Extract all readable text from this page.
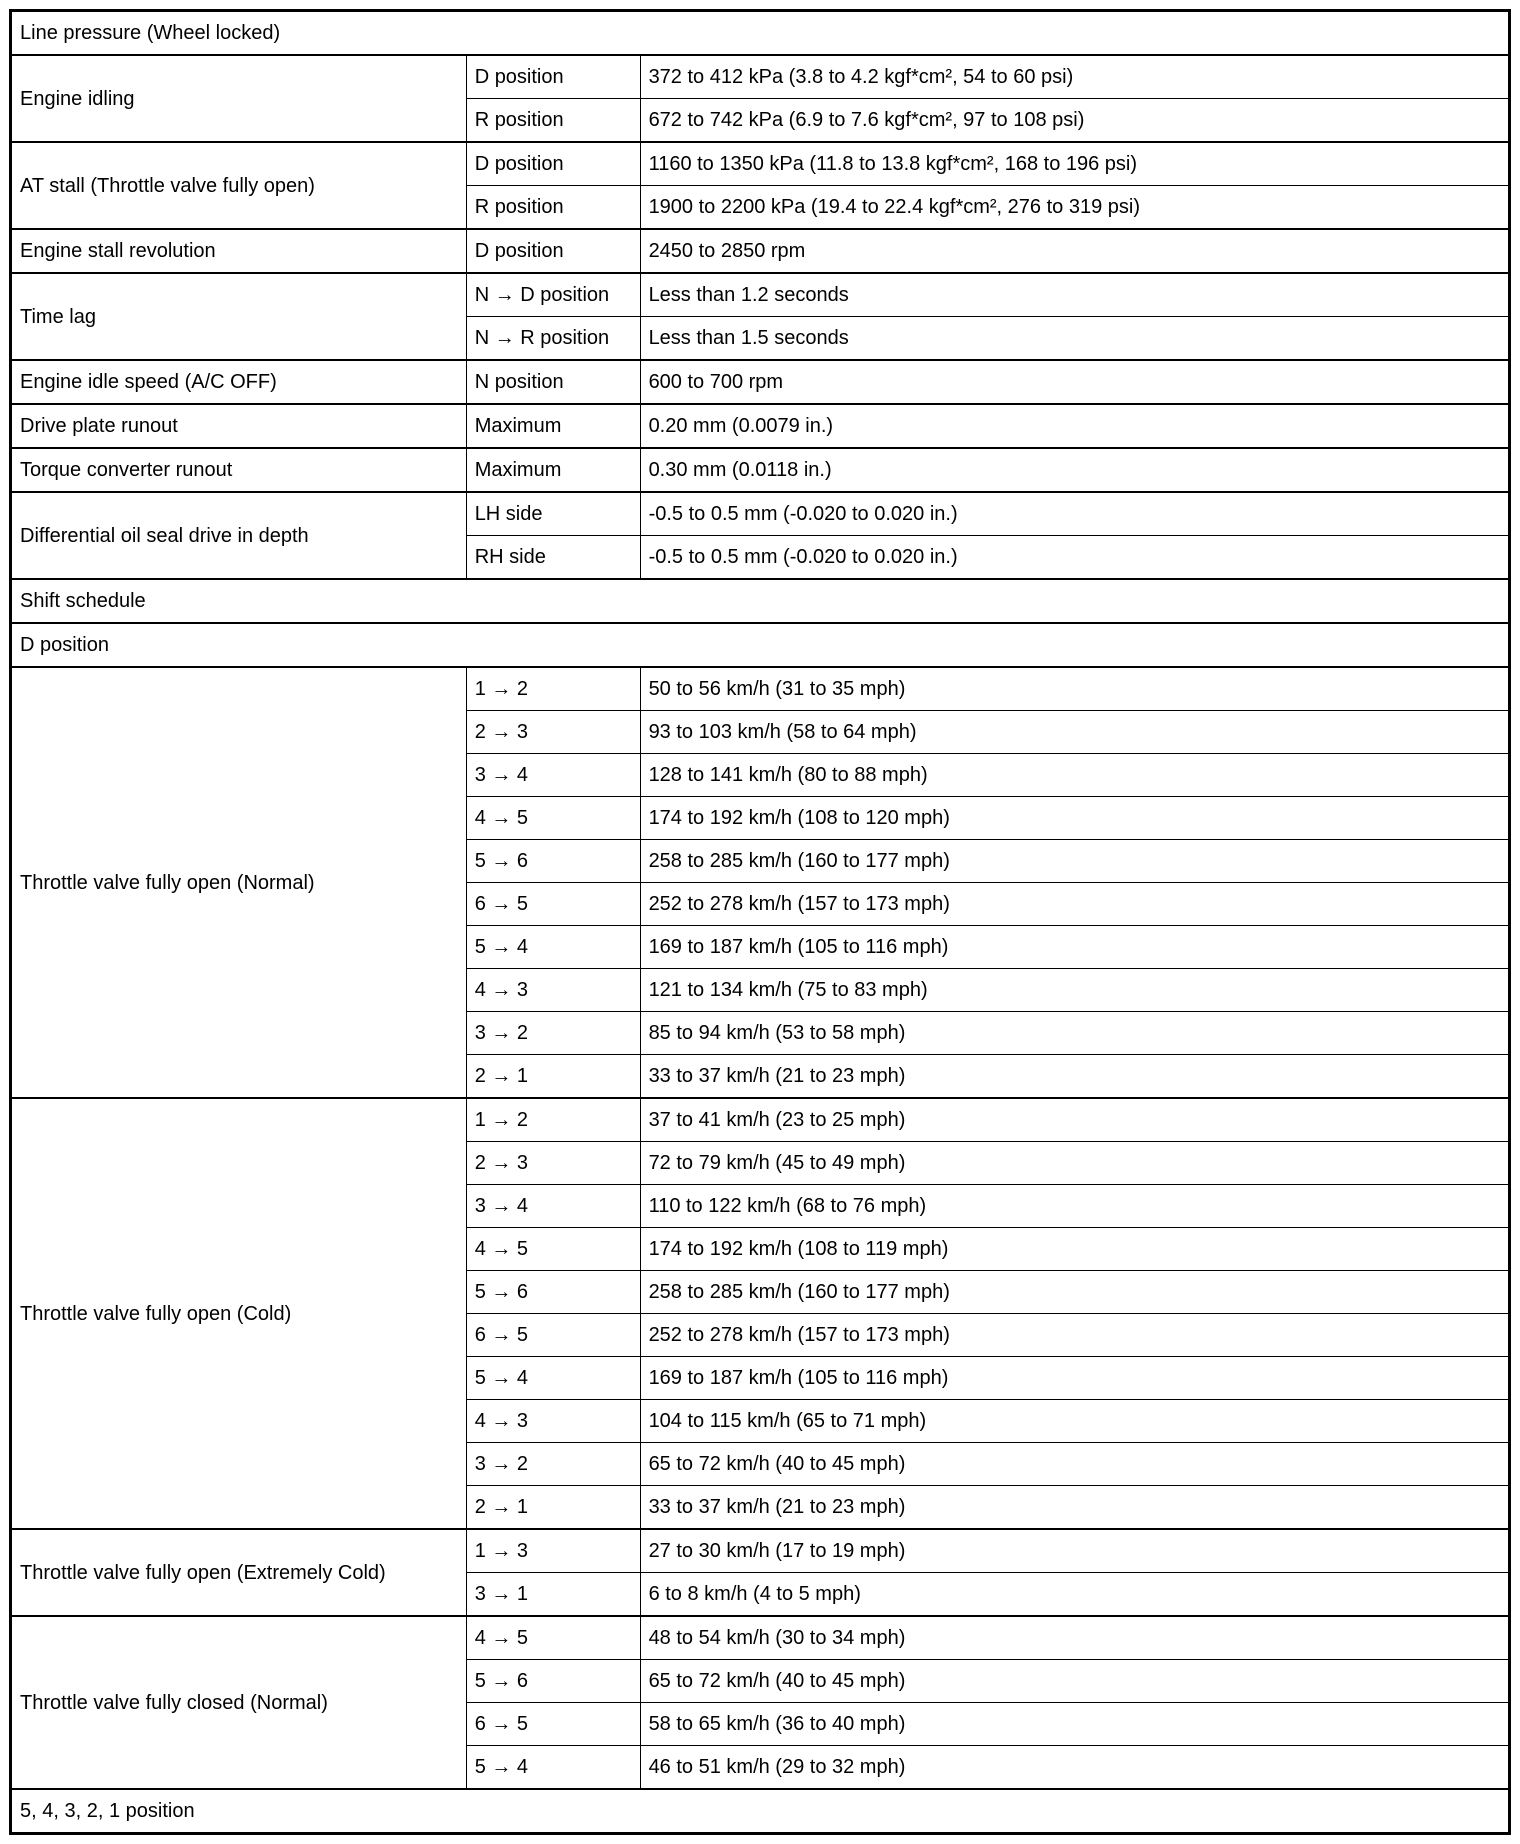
Line pressure (Wheel locked)		
Engine idling	D position	372 to 412 kPa (3.8 to 4.2 kgf*cm², 54 to 60 psi)
	R position	672 to 742 kPa (6.9 to 7.6 kgf*cm², 97 to 108 psi)
AT stall (Throttle valve fully open)	D position	1160 to 1350 kPa (11.8 to 13.8 kgf*cm², 168 to 196 psi)
	R position	1900 to 2200 kPa (19.4 to 22.4 kgf*cm², 276 to 319 psi)
Engine stall revolution	D position	2450 to 2850 rpm
Time lag	N → D position	Less than 1.2 seconds
	N → R position	Less than 1.5 seconds
Engine idle speed (A/C OFF)	N position	600 to 700 rpm
Drive plate runout	Maximum	0.20 mm (0.0079 in.)
Torque converter runout	Maximum	0.30 mm (0.0118 in.)
Differential oil seal drive in depth	LH side	-0.5 to 0.5 mm (-0.020 to 0.020 in.)
	RH side	-0.5 to 0.5 mm (-0.020 to 0.020 in.)
Shift schedule		
D position		
Throttle valve fully open (Normal)	1 → 2	50 to 56 km/h (31 to 35 mph)
	2 → 3	93 to 103 km/h (58 to 64 mph)
	3 → 4	128 to 141 km/h (80 to 88 mph)
	4 → 5	174 to 192 km/h (108 to 120 mph)
	5 → 6	258 to 285 km/h (160 to 177 mph)
	6 → 5	252 to 278 km/h (157 to 173 mph)
	5 → 4	169 to 187 km/h (105 to 116 mph)
	4 → 3	121 to 134 km/h (75 to 83 mph)
	3 → 2	85 to 94 km/h (53 to 58 mph)
	2 → 1	33 to 37 km/h (21 to 23 mph)
Throttle valve fully open (Cold)	1 → 2	37 to 41 km/h (23 to 25 mph)
	2 → 3	72 to 79 km/h (45 to 49 mph)
	3 → 4	110 to 122 km/h (68 to 76 mph)
	4 → 5	174 to 192 km/h (108 to 119 mph)
	5 → 6	258 to 285 km/h (160 to 177 mph)
	6 → 5	252 to 278 km/h (157 to 173 mph)
	5 → 4	169 to 187 km/h (105 to 116 mph)
	4 → 3	104 to 115 km/h (65 to 71 mph)
	3 → 2	65 to 72 km/h (40 to 45 mph)
	2 → 1	33 to 37 km/h (21 to 23 mph)
Throttle valve fully open (Extremely Cold)	1 → 3	27 to 30 km/h (17 to 19 mph)
	3 → 1	6 to 8 km/h (4 to 5 mph)
Throttle valve fully closed (Normal)	4 → 5	48 to 54 km/h (30 to 34 mph)
	5 → 6	65 to 72 km/h (40 to 45 mph)
	6 → 5	58 to 65 km/h (36 to 40 mph)
	5 → 4	46 to 51 km/h (29 to 32 mph)
5, 4, 3, 2, 1 position		
